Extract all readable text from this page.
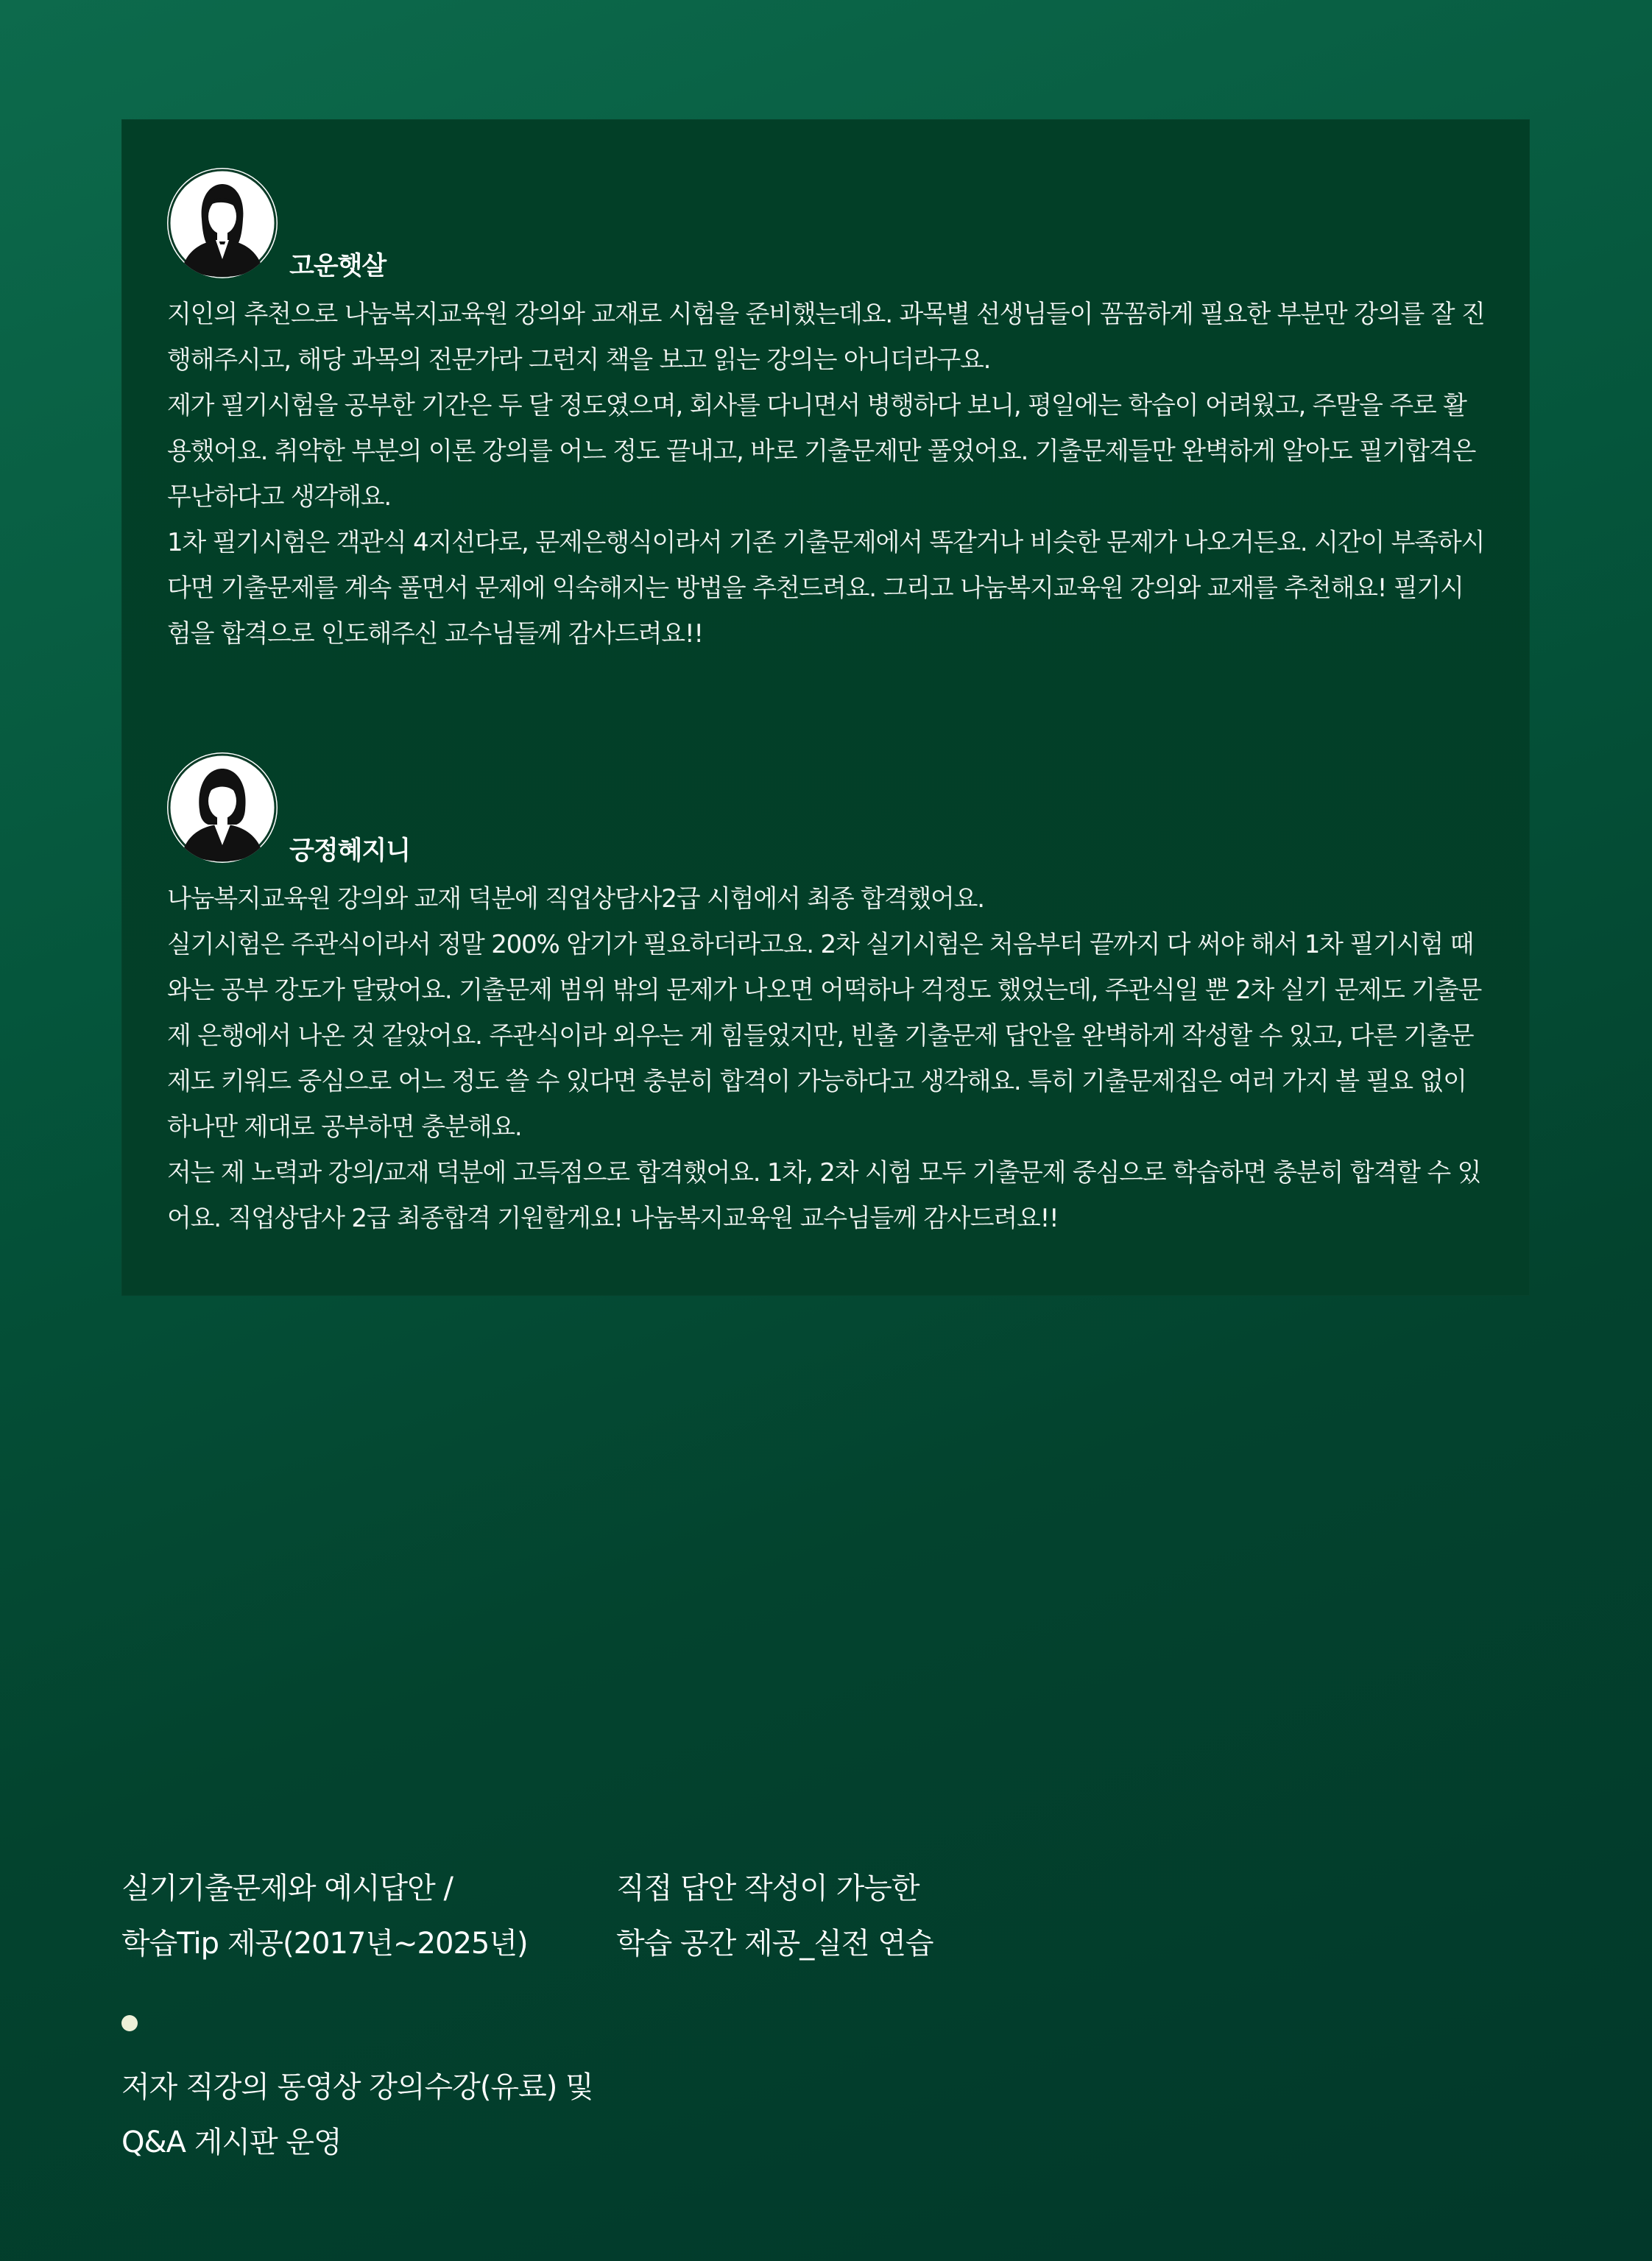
고운햇살

지인의 추천으로 나눔복지교육원 강의와 교재로 시험을 준비했는데요. 과목별 선생님들이 꼼꼼하게 필요한 부분만 강의를 잘 진행해주시고, 해당 과목의 전문가라 그런지 책을 보고 읽는 강의는 아니더라구요.

제가 필기시험을 공부한 기간은 두 달 정도였으며, 회사를 다니면서 병행하다 보니, 평일에는 학습이 어려웠고, 주말을 주로 활용했어요. 취약한 부분의 이론 강의를 어느 정도 끝내고, 바로 기출문제만 풀었어요. 기출문제들만 완벽하게 알아도 필기합격은 무난하다고 생각해요.

1차 필기시험은 객관식 4지선다로, 문제은행식이라서 기존 기출문제에서 똑같거나 비슷한 문제가 나오거든요. 시간이 부족하시다면 기출문제를 계속 풀면서 문제에 익숙해지는 방법을 추천드려요. 그리고 나눔복지교육원 강의와 교재를 추천해요! 필기시험을 합격으로 인도해주신 교수님들께 감사드려요!!

긍정혜지니

나눔복지교육원 강의와 교재 덕분에 직업상담사2급 시험에서 최종 합격했어요.

실기시험은 주관식이라서 정말 200% 암기가 필요하더라고요. 2차 실기시험은 처음부터 끝까지 다 써야 해서 1차 필기시험 때와는 공부 강도가 달랐어요. 기출문제 범위 밖의 문제가 나오면 어떡하나 걱정도 했었는데, 주관식일 뿐 2차 실기 문제도 기출문제 은행에서 나온 것 같았어요. 주관식이라 외우는 게 힘들었지만, 빈출 기출문제 답안을 완벽하게 작성할 수 있고, 다른 기출문제도 키워드 중심으로 어느 정도 쓸 수 있다면 충분히 합격이 가능하다고 생각해요. 특히 기출문제집은 여러 가지 볼 필요 없이 하나만 제대로 공부하면 충분해요.

저는 제 노력과 강의/교재 덕분에 고득점으로 합격했어요. 1차, 2차 시험 모두 기출문제 중심으로 학습하면 충분히 합격할 수 있어요. 직업상담사 2급 최종합격 기원할게요! 나눔복지교육원 교수님들께 감사드려요!!

실기기출문제와 예시답안 /
학습Tip 제공(2017년~2025년)
직접 답안 작성이 가능한
학습 공간 제공_실전 연습
저자 직강의 동영상 강의수강(유료) 및
Q&A 게시판 운영
